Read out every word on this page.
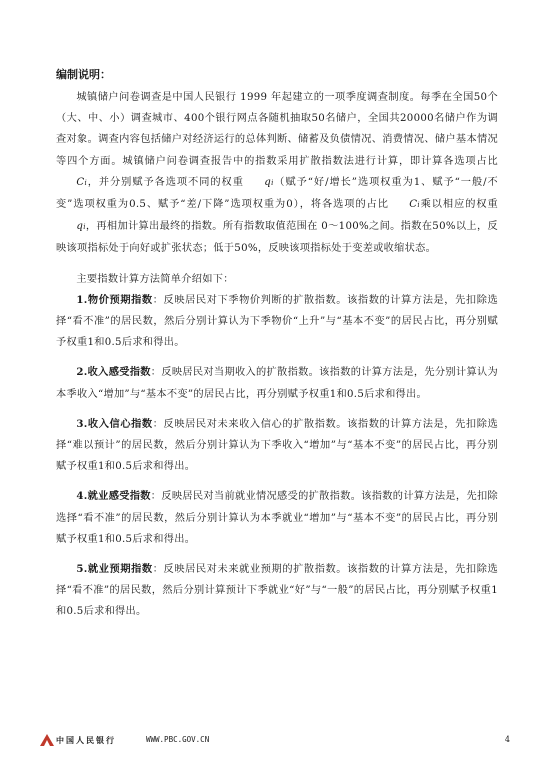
编制说明：

城镇储户问卷调查是中国人民银行 1999 年起建立的一项季度调查制度。每季在全国50个（大、中、小）调查城市、400个银行网点各随机抽取50名储户，全国共20000名储户作为调查对象。调查内容包括储户对经济运行的总体判断、储蓄及负债情况、消费情况、储户基本情况等四个方面。城镇储户问卷调查报告中的指数采用扩散指数法进行计算，即计算各选项占比Ci，并分别赋予各选项不同的权重 qi（赋予“好/增长”选项权重为1、赋予“一般/不变”选项权重为0.5、赋予“差/下降”选项权重为0），将各选项的占比 Ci乘以相应的权重qi，再相加计算出最终的指数。所有指数取值范围在 0～100%之间。指数在50%以上，反映该项指标处于向好或扩张状态；低于50%，反映该项指标处于变差或收缩状态。

主要指数计算方法简单介绍如下：

1.物价预期指数：反映居民对下季物价判断的扩散指数。该指数的计算方法是，先扣除选择“看不准”的居民数，然后分别计算认为下季物价“上升”与“基本不变”的居民占比，再分别赋予权重1和0.5后求和得出。

2.收入感受指数：反映居民对当期收入的扩散指数。该指数的计算方法是，先分别计算认为本季收入“增加”与“基本不变”的居民占比，再分别赋予权重1和0.5后求和得出。

3.收入信心指数：反映居民对未来收入信心的扩散指数。该指数的计算方法是，先扣除选择“难以预计”的居民数，然后分别计算认为下季收入“增加”与“基本不变”的居民占比，再分别赋予权重1和0.5后求和得出。

4.就业感受指数：反映居民对当前就业情况感受的扩散指数。该指数的计算方法是，先扣除选择“看不准”的居民数，然后分别计算认为本季就业“增加”与“基本不变”的居民占比，再分别赋予权重1和0.5后求和得出。

5.就业预期指数：反映居民对未来就业预期的扩散指数。该指数的计算方法是，先扣除选择“看不准”的居民数，然后分别计算预计下季就业“好”与“一般”的居民占比，再分别赋予权重1和0.5后求和得出。

中国人民银行	WWW.PBC.GOV.CN	4
